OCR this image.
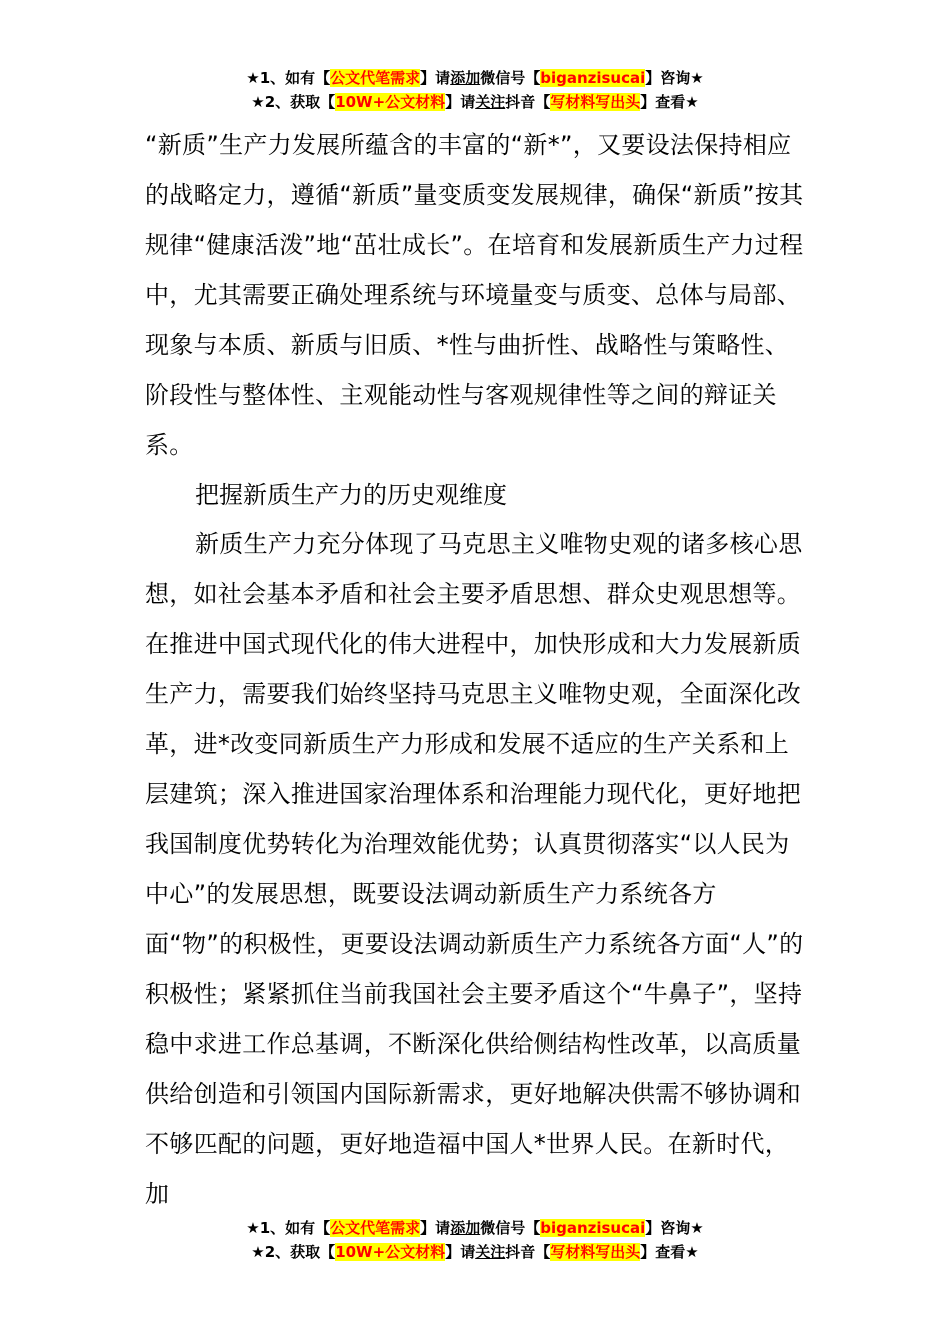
★1、如有【公文代笔需求】请添加微信号【biganzisucai】咨询★
★2、获取【10W+公文材料】请关注抖音【写材料写出头】查看★

“新质”生产力发展所蕴含的丰富的“新*”，又要设法保持相应的战略定力，遵循“新质”量变质变发展规律，确保“新质”按其规律“健康活泼”地“茁壮成长”。在培育和发展新质生产力过程中，尤其需要正确处理系统与环境量变与质变、总体与局部、现象与本质、新质与旧质、*性与曲折性、战略性与策略性、阶段性与整体性、主观能动性与客观规律性等之间的辩证关系。

把握新质生产力的历史观维度

新质生产力充分体现了马克思主义唯物史观的诸多核心思想，如社会基本矛盾和社会主要矛盾思想、群众史观思想等。在推进中国式现代化的伟大进程中，加快形成和大力发展新质生产力，需要我们始终坚持马克思主义唯物史观，全面深化改革，进*改变同新质生产力形成和发展不适应的生产关系和上层建筑；深入推进国家治理体系和治理能力现代化，更好地把我国制度优势转化为治理效能优势；认真贯彻落实“以人民为中心”的发展思想，既要设法调动新质生产力系统各方面“物”的积极性，更要设法调动新质生产力系统各方面“人”的积极性；紧紧抓住当前我国社会主要矛盾这个“牛鼻子”，坚持稳中求进工作总基调，不断深化供给侧结构性改革，以高质量供给创造和引领国内国际新需求，更好地解决供需不够协调和不够匹配的问题，更好地造福中国人*世界人民。在新时代，加

★1、如有【公文代笔需求】请添加微信号【biganzisucai】咨询★
★2、获取【10W+公文材料】请关注抖音【写材料写出头】查看★
